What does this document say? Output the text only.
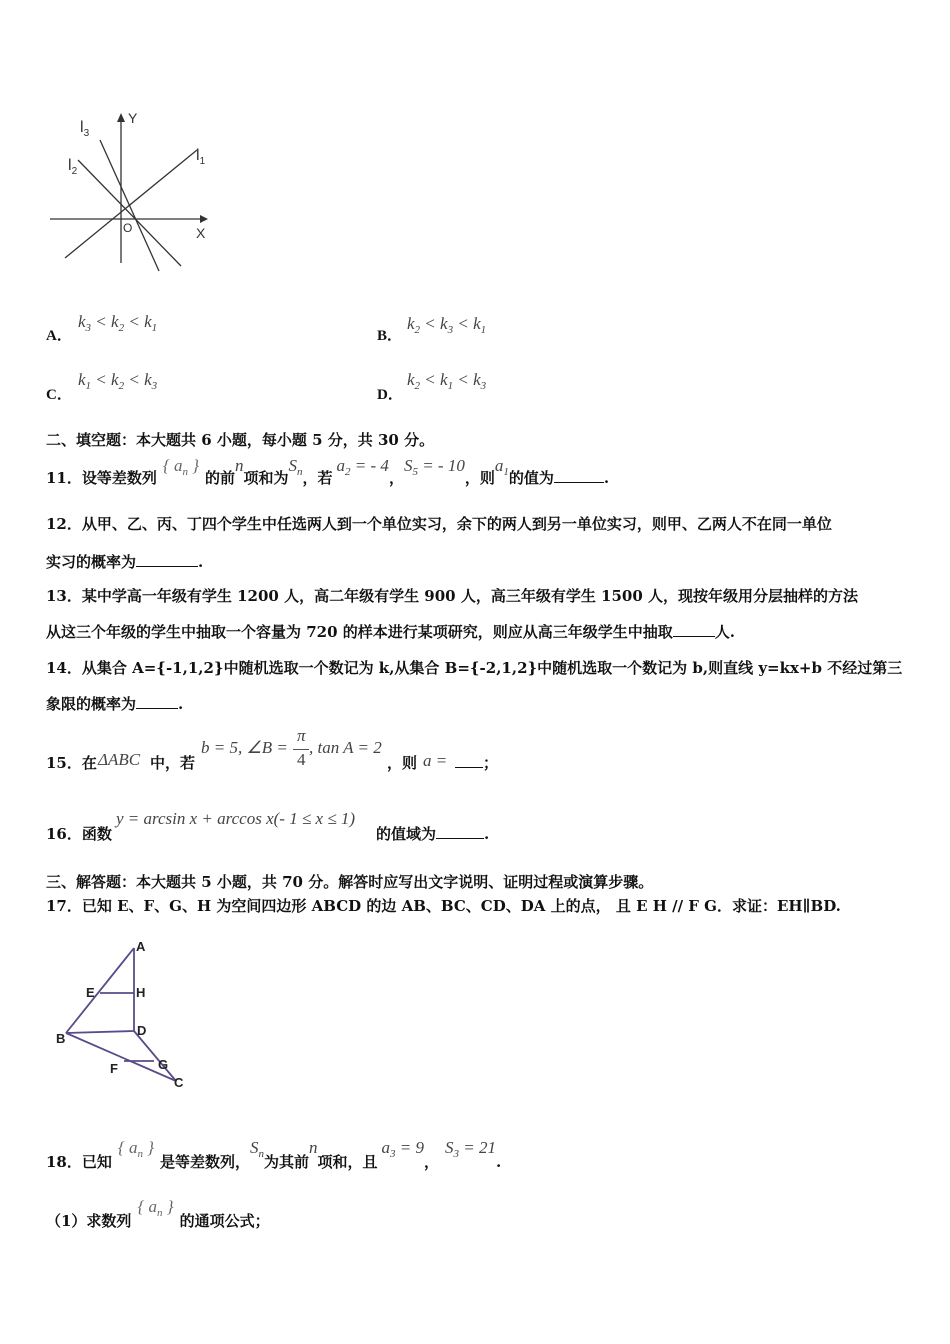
Y
X
O
$l_3$
$l_2$
$l_1$
A．
$k_3 < k_2 < k_1$	B．
$k_2 < k_3 < k_1$
C．
$k_1 < k_2 < k_3$
D．
$k_2 < k_1 < k_3$
二、填空题：本大题共 6 小题，每小题 5 分，共 30 分。
11．设等差数列{ $a_n$ }的前n项和为$S_n$，若$a_2$ = - 4，$S_5$ = - 10，则$a_1$的值为	.
12．从甲、乙、丙、丁四个学生中任选两人到一个单位实习，余下的两人到另一单位实习，则甲、乙两人不在同一单位
实习的概率为	.
13．某中学高一年级有学生 1200 人，高二年级有学生 900 人，高三年级有学生 1500 人，现按年级用分层抽样的方法
从这三个年级的学生中抽取一个容量为 720 的样本进行某项研究，则应从高三年级学生中抽取	人.
14．从集合 A={-1,1,2}中随机选取一个数记为 k,从集合 B={-2,1,2}中随机选取一个数记为 b,则直线 y=kx+b 不经过第三
象限的概率为	.
15．在 ΔABC 中，若
b = 5, ∠B =
π
4
, tan A = 2
，则 a =	；
16．函数
y = arcsin x + arccos x(- 1 ≤ x ≤ 1)
的值域为	.
三、解答题：本大题共 5 小题，共 70 分。解答时应写出文字说明、证明过程或演算步骤。
17．已知 E、F、G、H 为空间四边形 ABCD 的边 AB、BC、CD、DA 上的点， 且 E H // F G．求证：EH∥BD.
A
E	H
D
B
G
F
C
18．已知{ $a_n$ }是等差数列，$S_n$为其前n项和，且$a_3 = 9$，$S_3 = 21$.
（1）求数列{ $a_n$ }的通项公式；
